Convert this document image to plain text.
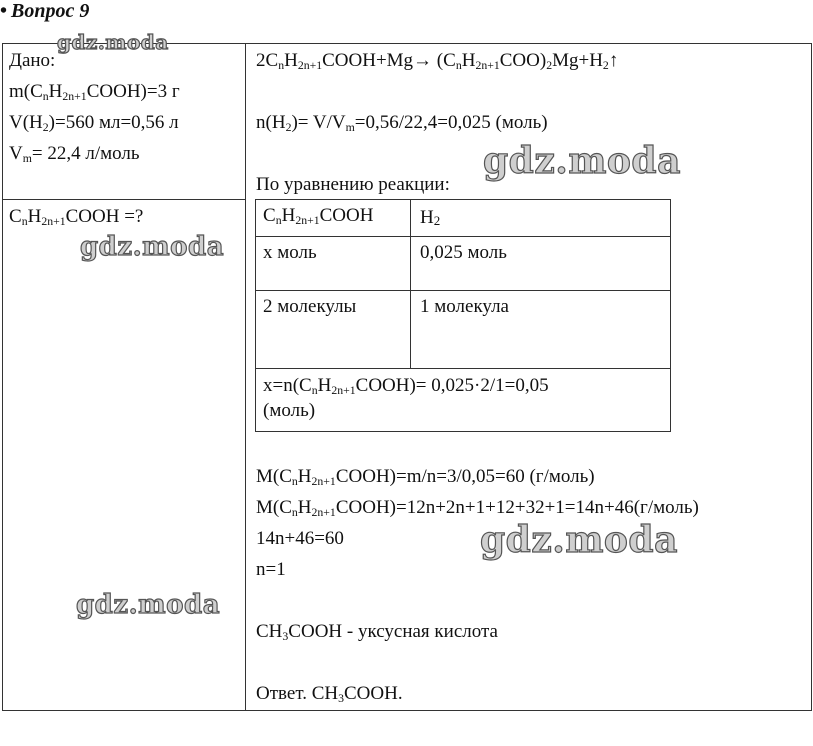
• Вопрос 9
Дано:
$m(C_nH_{2n+1}COOH)=3$ г
$V(H_2)=560$ мл=0,56 л
$V_m= 22,4$ л/моль
$C_nH_{2n+1}COOH$ =?
$2C_nH_{2n+1}COOH+Mg\to$ $(C_nH_{2n+1}COO)_2Mg+H_2↑$
$n(H_2)= V/V_m=0,56/22,4=0,025$ (моль)
По уравнению реакции:
$C_nH_{2n+1}COOH$ H2
x моль	0,025 моль
2 молекулы	1 молекула
$x=n(C_nH_{2n+1}COOH)= 0,025\cdot 2/1=0,05$
(моль)
$M(C_nH_{2n+1}COOH)=m/n=3/0,05=60$ (г/моль)
$M(C_nH_{2n+1}COOH)=12n+2n+1+12+32+1=14n+46(г/моль)$
14n+46=60
n=1
$CH_3COOH$ - уксусная кислота
Ответ. $CH_3COOH$.
gdz.moda
gdz.moda
gdz.moda
gdz.moda
gdz.moda
